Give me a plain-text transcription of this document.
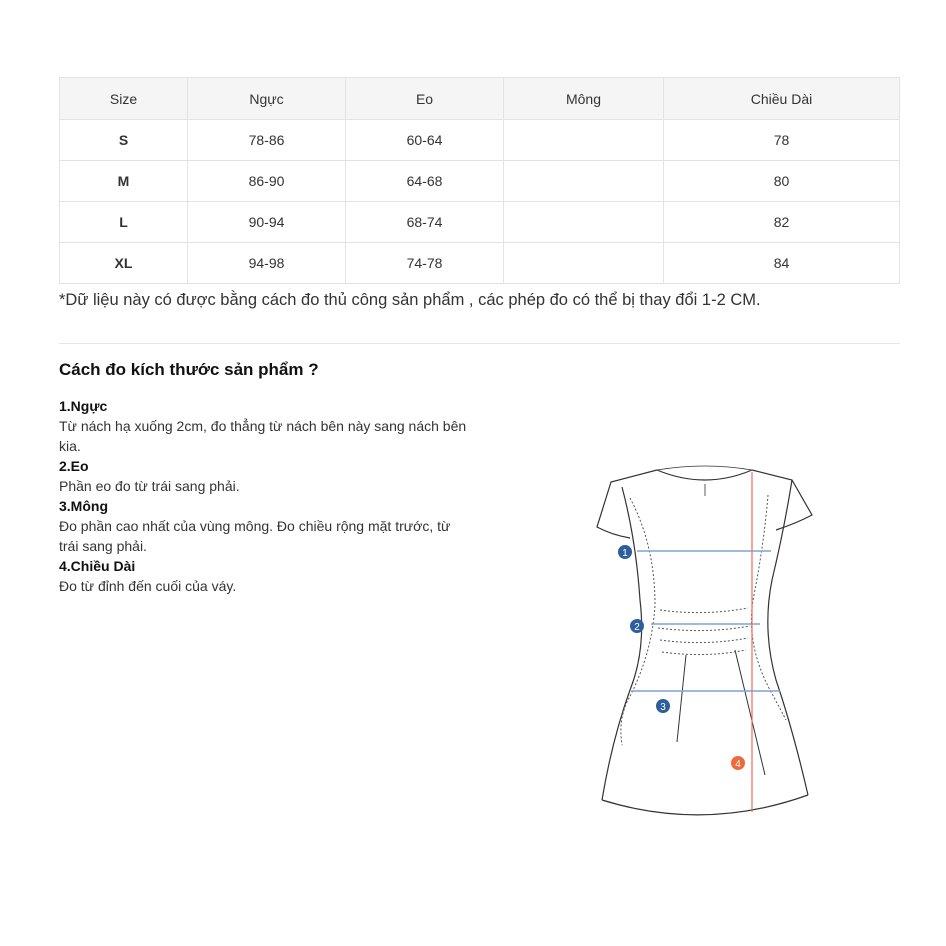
Size	Ngực	Eo	Mông	Chiều Dài
S	78-86	60-64		78
M	86-90	64-68		80
L	90-94	68-74		82
XL	94-98	74-78		84
*Dữ liệu này có được bằng cách đo thủ công sản phẩm , các phép đo có thể bị thay đổi 1-2 CM.
Cách đo kích thước sản phẩm ?

1.Ngực

Từ nách hạ xuống 2cm, đo thẳng từ nách bên này sang nách bên kia.

2.Eo

Phần eo đo từ trái sang phải.

3.Mông

Đo phần cao nhất của vùng mông. Đo chiều rộng mặt trước, từ trái sang phải.

4.Chiều Dài

Đo từ đỉnh đến cuối của váy.

1
2
3
4
